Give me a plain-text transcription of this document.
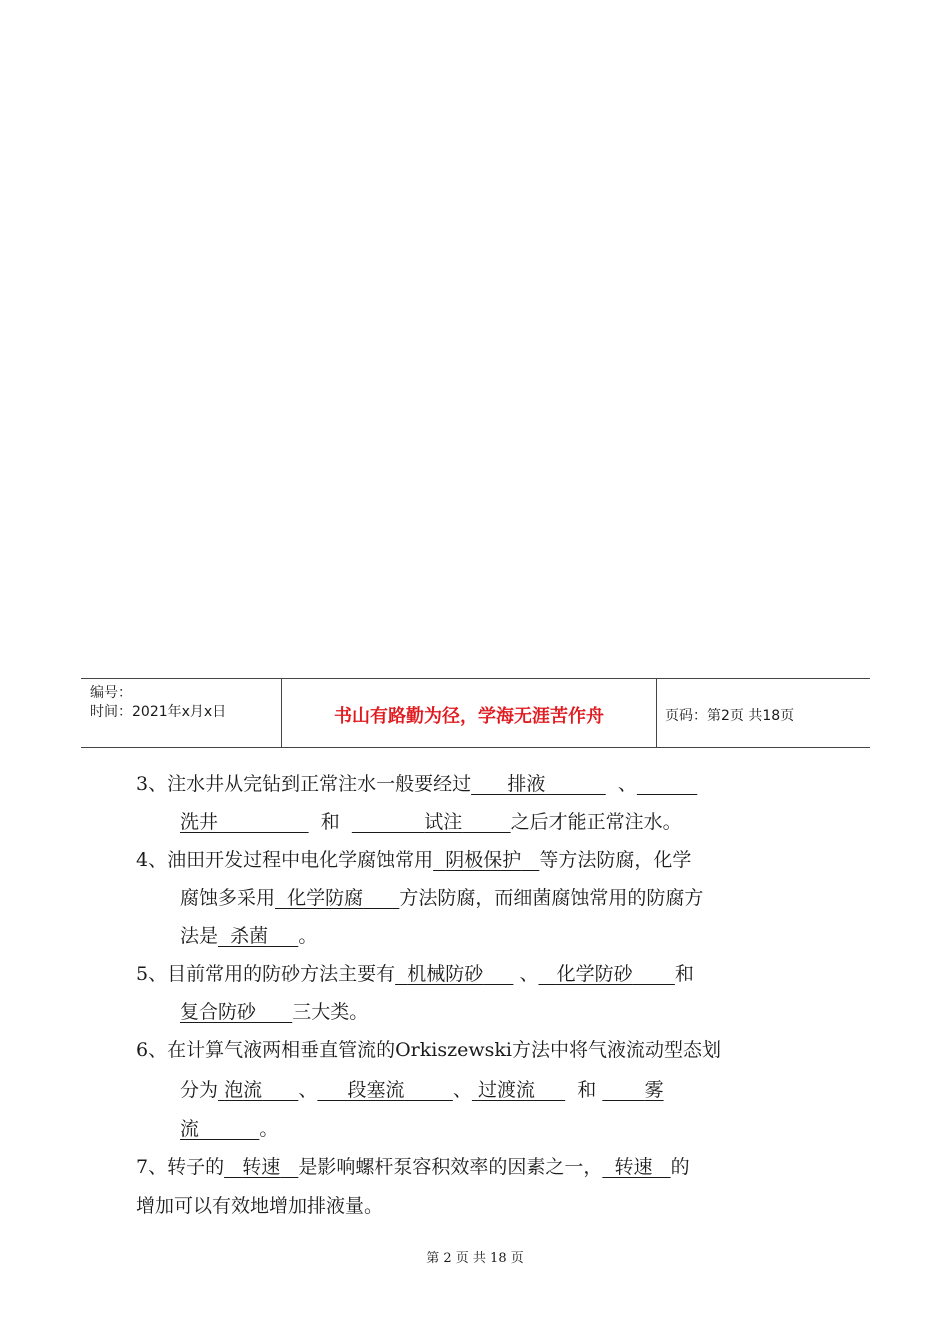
编号：
时间：2021年x月x日	书山有路勤为径，学海无涯苦作舟	页码：第2页 共18页
3、注水井从完钻到正常注水一般要经过 排液	、
洗井	和	试注	之后才能正常注水。
4、油田开发过程中电化学腐蚀常用 阴极保护 等方法防腐，化学
腐蚀多采用 化学防腐 方法防腐，而细菌腐蚀常用的防腐方
法是 杀菌 。
5、目前常用的防砂方法主要有 机械防砂 、 化学防砂 和
复合防砂 三大类。
6、在计算气液两相垂直管流的Orkiszewski方法中将气液流动型态划
分为 泡流 、 段塞流	、 过渡流 和	雾
流	。
7、转子的 转速 是影响螺杆泵容积效率的因素之一， 转速 的
增加可以有效地增加排液量。
第 2 页 共 18 页
